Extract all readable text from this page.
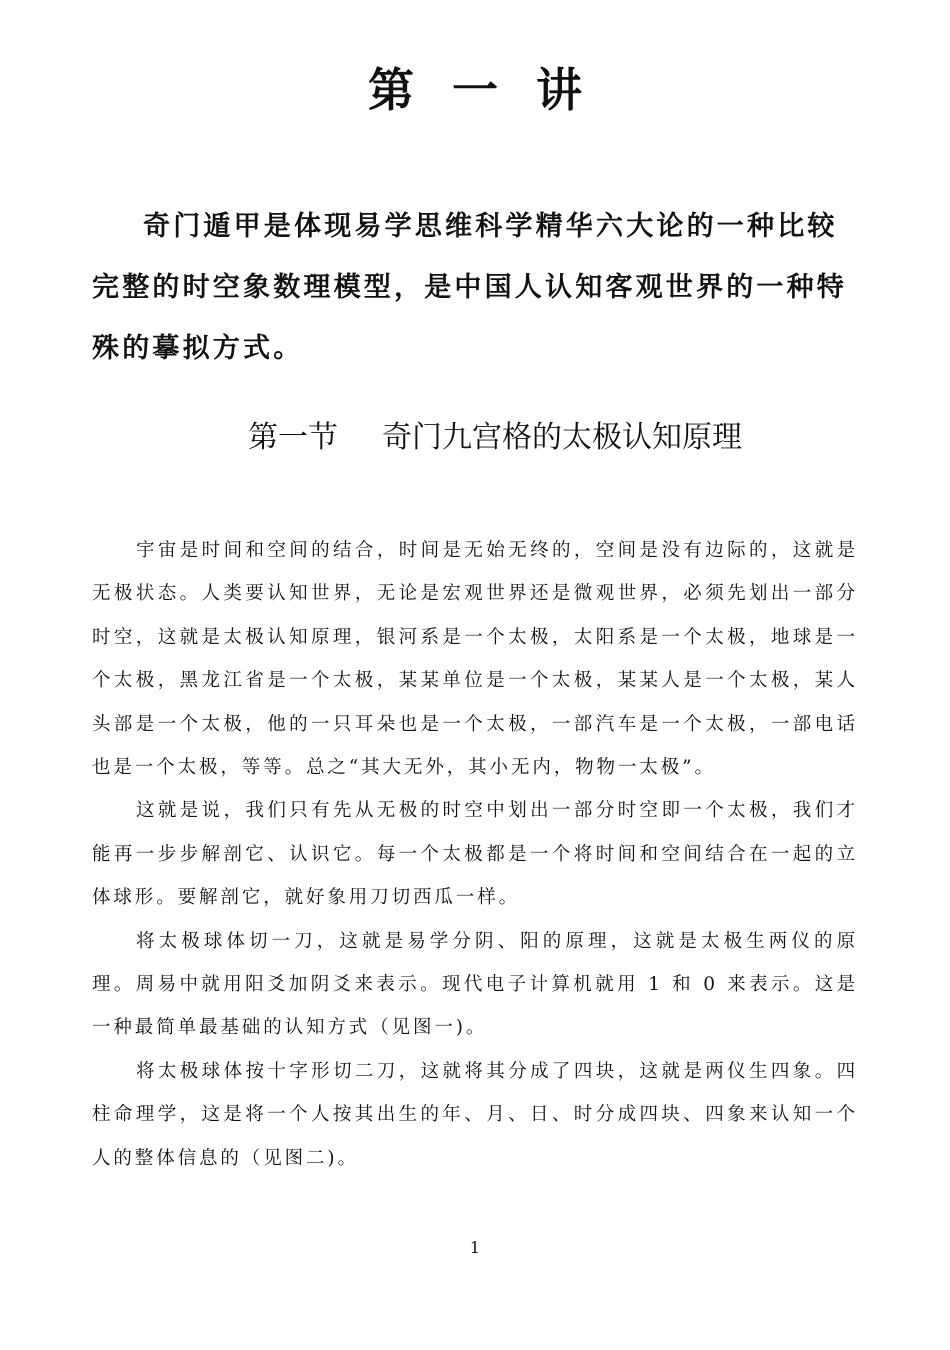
第一讲

奇门遁甲是体现易学思维科学精华六大论的一种比较完整的时空象数理模型，是中国人认知客观世界的一种特殊的摹拟方式。

第一节 奇门九宫格的太极认知原理

宇宙是时间和空间的结合，时间是无始无终的，空间是没有边际的，这就是无极状态。人类要认知世界，无论是宏观世界还是微观世界，必须先划出一部分时空，这就是太极认知原理，银河系是一个太极，太阳系是一个太极，地球是一个太极，黑龙江省是一个太极，某某单位是一个太极，某某人是一个太极，某人头部是一个太极，他的一只耳朵也是一个太极，一部汽车是一个太极，一部电话也是一个太极，等等。总之“其大无外，其小无内，物物一太极”。

这就是说，我们只有先从无极的时空中划出一部分时空即一个太极，我们才能再一步步解剖它、认识它。每一个太极都是一个将时间和空间结合在一起的立体球形。要解剖它，就好象用刀切西瓜一样。

将太极球体切一刀，这就是易学分阴、阳的原理，这就是太极生两仪的原理。周易中就用阳爻加阴爻来表示。现代电子计算机就用 1 和 0 来表示。这是一种最简单最基础的认知方式（见图一)。

将太极球体按十字形切二刀，这就将其分成了四块，这就是两仪生四象。四柱命理学，这是将一个人按其出生的年、月、日、时分成四块、四象来认知一个人的整体信息的（见图二)。

1
